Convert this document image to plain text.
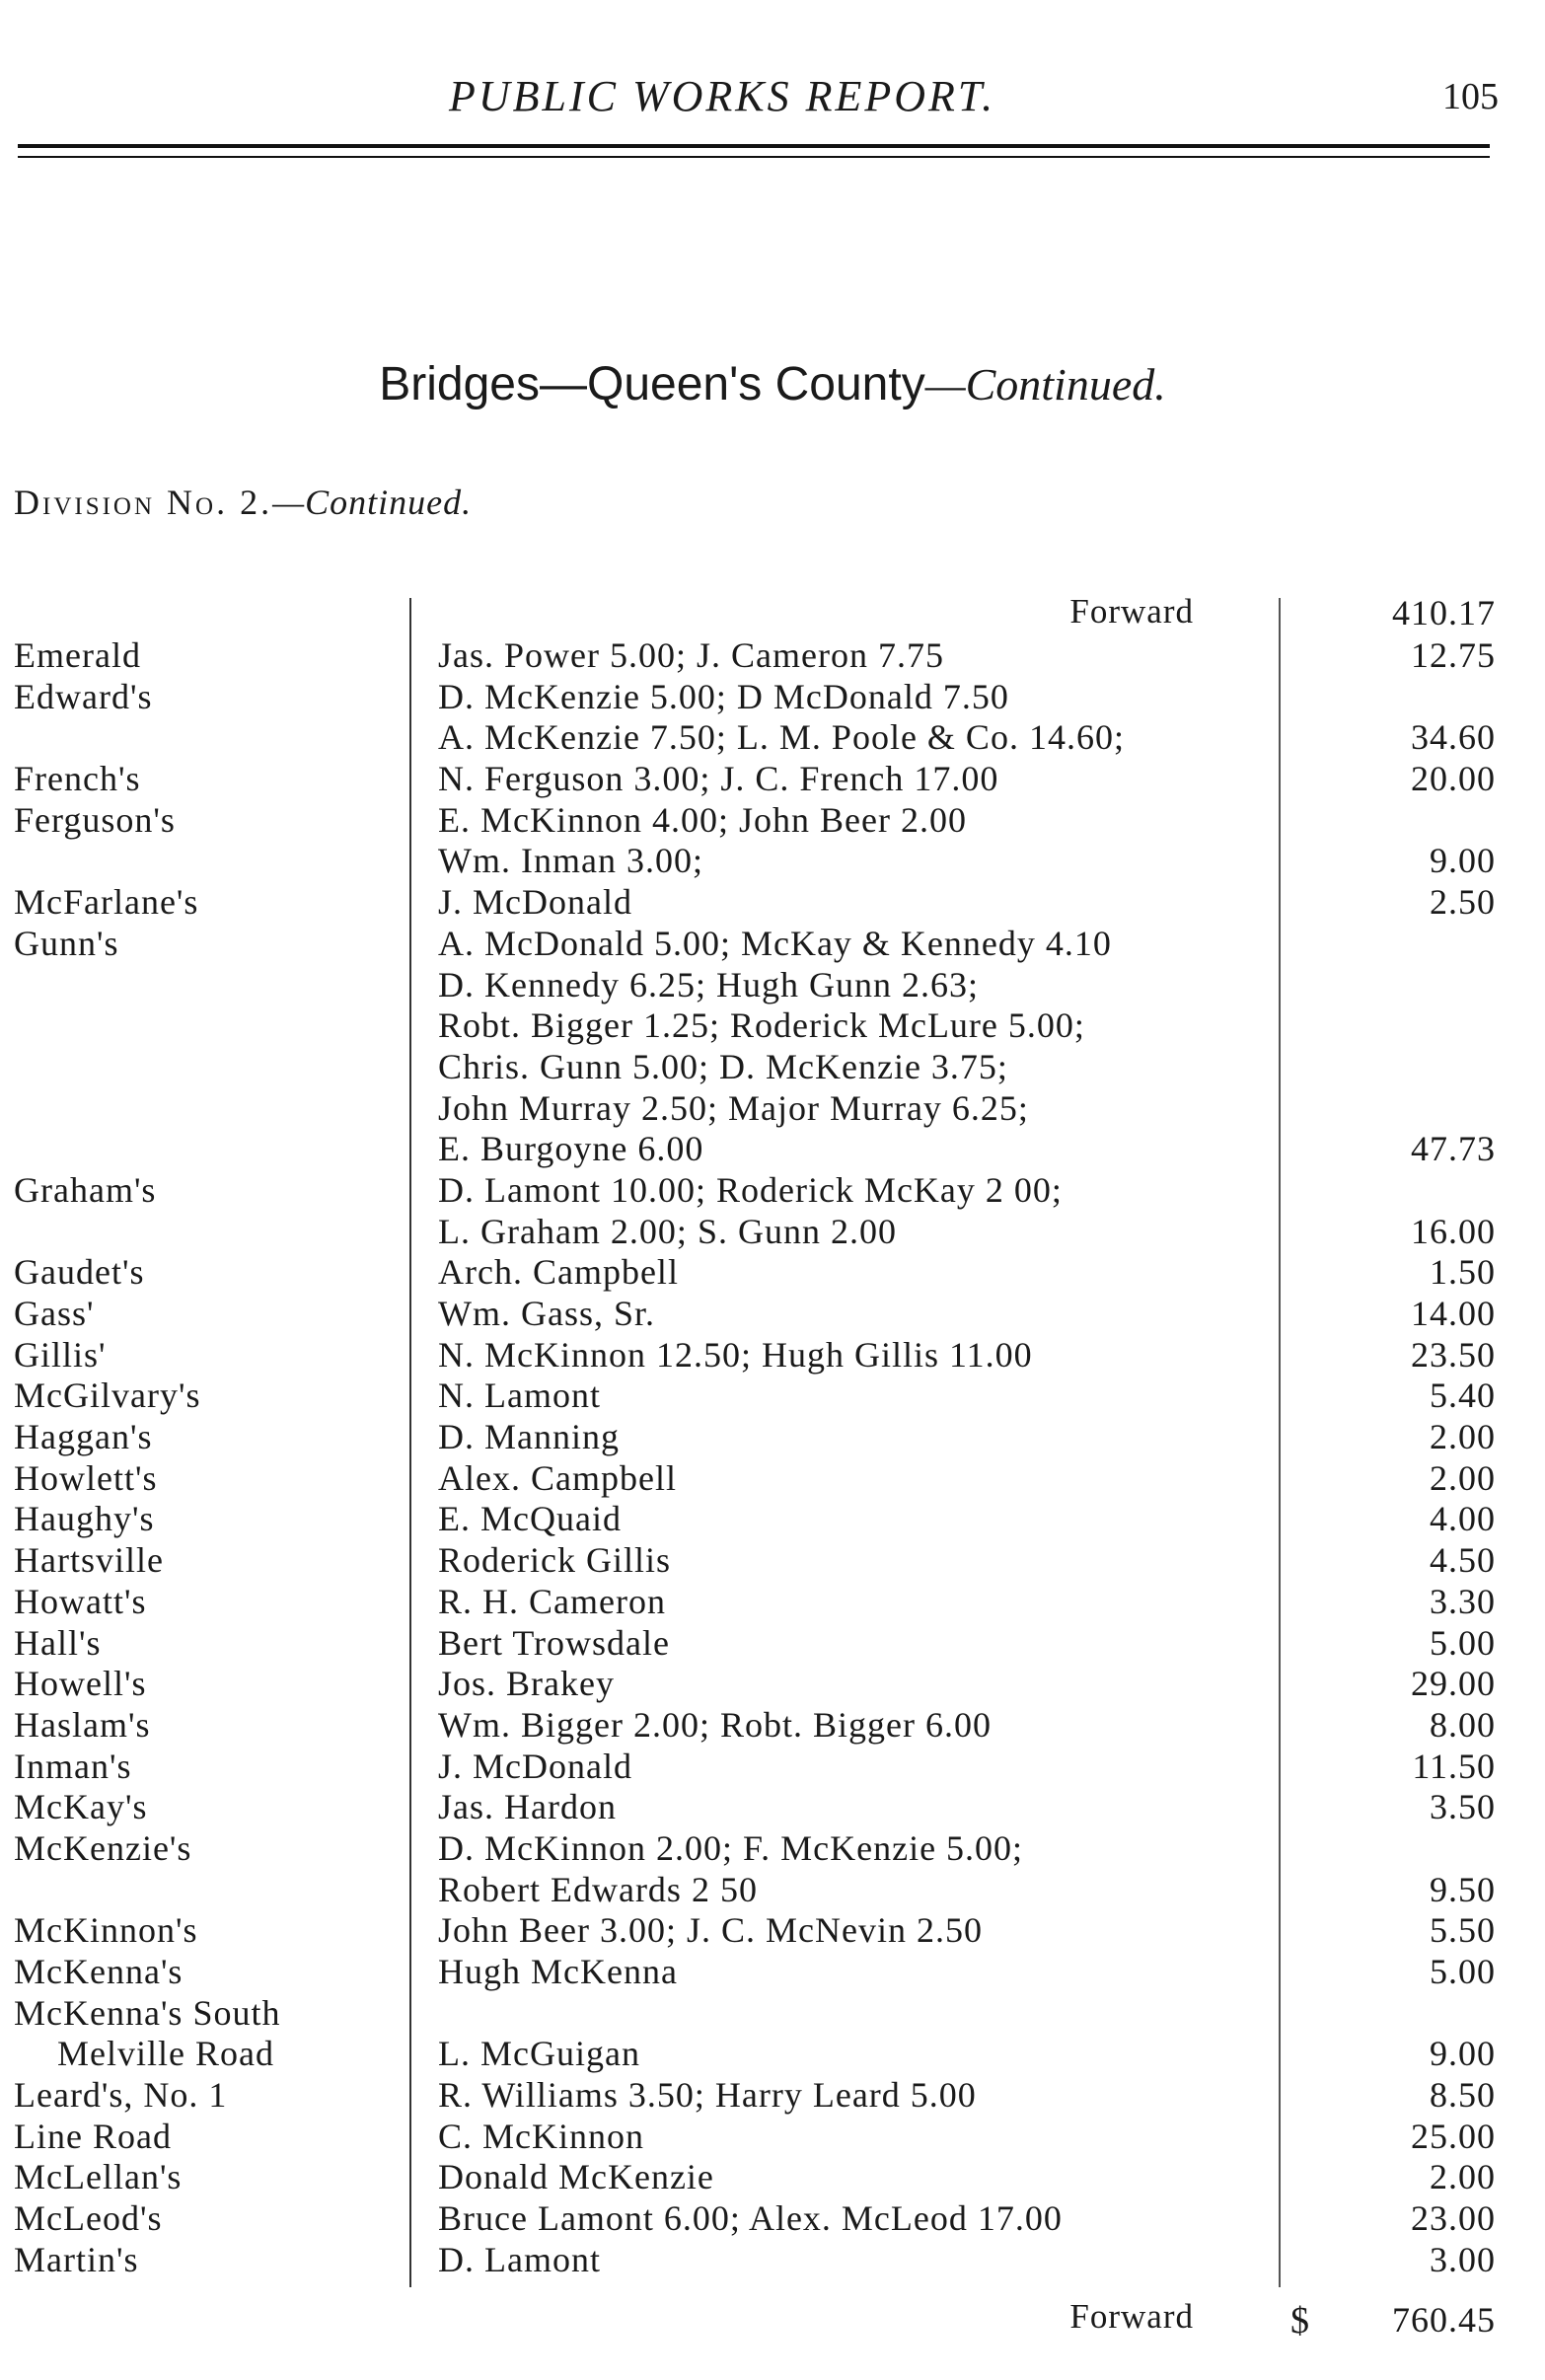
PUBLIC WORKS REPORT.	105
Bridges—Queen's County—Continued.
Division No. 2.—Continued.
Forward	410.17
Emerald	Jas. Power 5.00; J. Cameron 7.75	12.75
Edward's	D. McKenzie 5.00; D McDonald 7.50
A. McKenzie 7.50; L. M. Poole & Co. 14.60;	34.60
French's	N. Ferguson 3.00; J. C. French 17.00	20.00
Ferguson's	E. McKinnon 4.00; John Beer 2.00
Wm. Inman 3.00;	9.00
McFarlane's	J. McDonald	2.50
Gunn's	A. McDonald 5.00; McKay & Kennedy 4.10
D. Kennedy 6.25; Hugh Gunn 2.63;
Robt. Bigger 1.25; Roderick McLure 5.00;
Chris. Gunn 5.00; D. McKenzie 3.75;
John Murray 2.50; Major Murray 6.25;
E. Burgoyne 6.00	47.73
Graham's	D. Lamont 10.00; Roderick McKay 2 00;
L. Graham 2.00; S. Gunn 2.00	16.00
Gaudet's	Arch. Campbell	1.50
Gass'	Wm. Gass, Sr.	14.00
Gillis'	N. McKinnon 12.50; Hugh Gillis 11.00	23.50
McGilvary's	N. Lamont	5.40
Haggan's	D. Manning	2.00
Howlett's	Alex. Campbell	2.00
Haughy's	E. McQuaid	4.00
Hartsville	Roderick Gillis	4.50
Howatt's	R. H. Cameron	3.30
Hall's	Bert Trowsdale	5.00
Howell's	Jos. Brakey	29.00
Haslam's	Wm. Bigger 2.00; Robt. Bigger 6.00	8.00
Inman's	J. McDonald	11.50
McKay's	Jas. Hardon	3.50
McKenzie's	D. McKinnon 2.00; F. McKenzie 5.00;
Robert Edwards 2 50	9.50
McKinnon's	John Beer 3.00; J. C. McNevin 2.50	5.50
McKenna's	Hugh McKenna	5.00
McKenna's South
Melville Road	L. McGuigan	9.00
Leard's, No. 1	R. Williams 3.50; Harry Leard 5.00	8.50
Line Road	C. McKinnon	25.00
McLellan's	Donald McKenzie	2.00
McLeod's	Bruce Lamont 6.00; Alex. McLeod 17.00	23.00
Martin's	D. Lamont	3.00
Forward	$ 760.45
